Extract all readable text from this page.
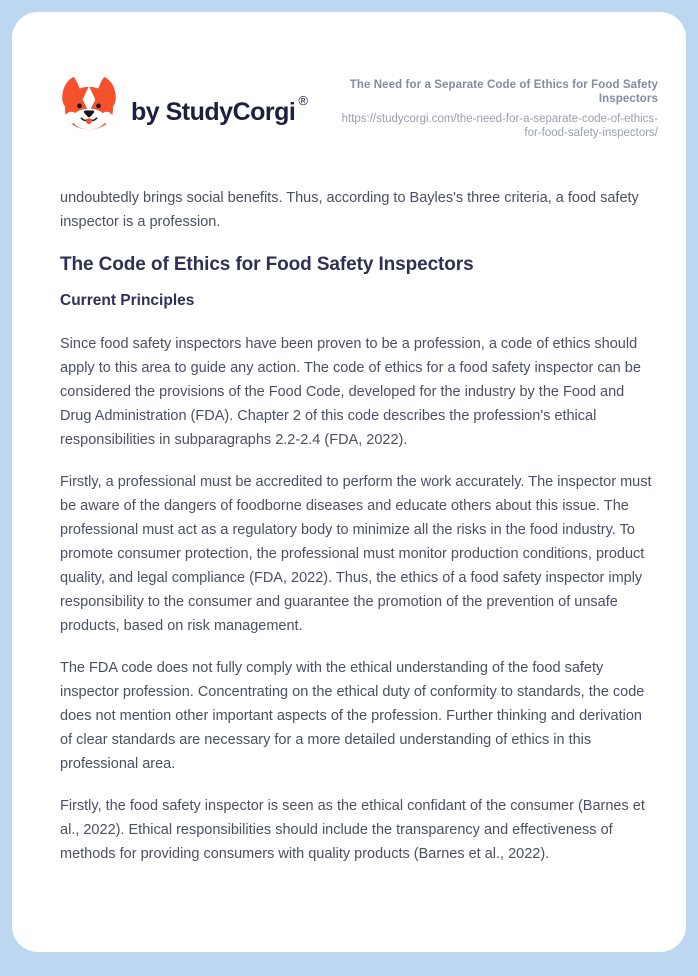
by StudyCorgi ®
The Need for a Separate Code of Ethics for Food Safety Inspectors
https://studycorgi.com/the-need-for-a-separate-code-of-ethics-for-food-safety-inspectors/

undoubtedly brings social benefits. Thus, according to Bayles's three criteria, a food safety inspector is a profession.

The Code of Ethics for Food Safety Inspectors
Current Principles

Since food safety inspectors have been proven to be a profession, a code of ethics should apply to this area to guide any action. The code of ethics for a food safety inspector can be considered the provisions of the Food Code, developed for the industry by the Food and Drug Administration (FDA). Chapter 2 of this code describes the profession's ethical responsibilities in subparagraphs 2.2-2.4 (FDA, 2022).

Firstly, a professional must be accredited to perform the work accurately. The inspector must be aware of the dangers of foodborne diseases and educate others about this issue. The professional must act as a regulatory body to minimize all the risks in the food industry. To promote consumer protection, the professional must monitor production conditions, product quality, and legal compliance (FDA, 2022). Thus, the ethics of a food safety inspector imply responsibility to the consumer and guarantee the promotion of the prevention of unsafe products, based on risk management.

The FDA code does not fully comply with the ethical understanding of the food safety inspector profession. Concentrating on the ethical duty of conformity to standards, the code does not mention other important aspects of the profession. Further thinking and derivation of clear standards are necessary for a more detailed understanding of ethics in this professional area.

Firstly, the food safety inspector is seen as the ethical confidant of the consumer (Barnes et al., 2022). Ethical responsibilities should include the transparency and effectiveness of methods for providing consumers with quality products (Barnes et al., 2022).
